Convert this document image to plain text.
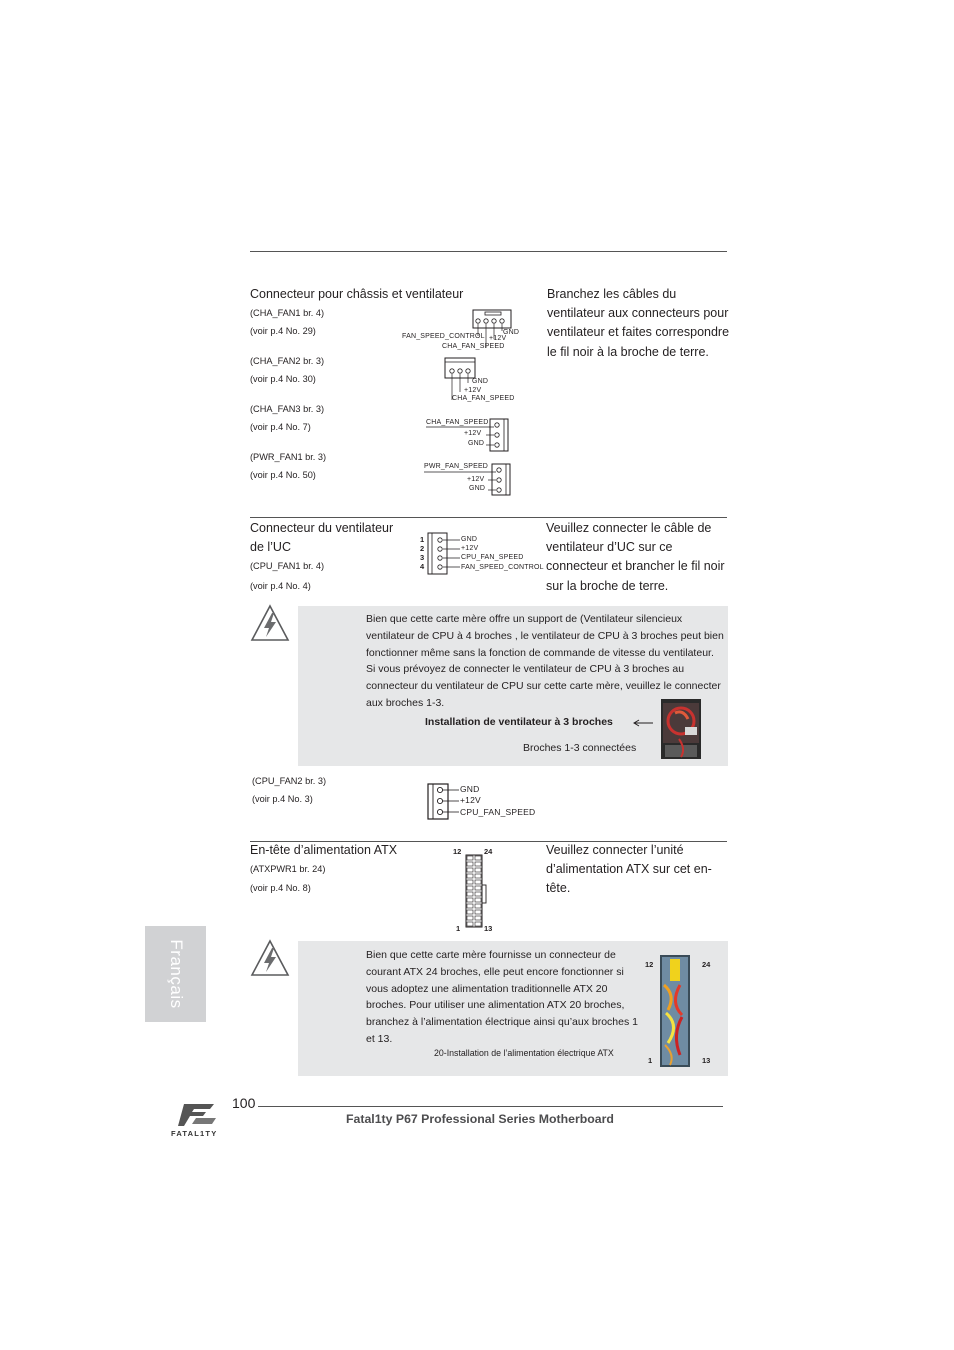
Connecteur pour châssis et ventilateur
(CHA_FAN1 br. 4)
(voir p.4 No. 29)
(CHA_FAN2 br. 3)
(voir p.4 No. 30)
(CHA_FAN3 br. 3)
(voir p.4 No. 7)
(PWR_FAN1 br. 3)
(voir p.4 No. 50)
Branchez les câbles du ventilateur aux connecteurs pour ventilateur et faites correspondre le fil noir à la broche de terre.
FAN_SPEED_CONTROL
GND
+12V
CHA_FAN_SPEED
GND
+12V
CHA_FAN_SPEED
CHA_FAN_SPEED
+12V
GND
PWR_FAN_SPEED
+12V
GND
Connecteur du ventilateur
de l’UC
(CPU_FAN1 br. 4)
(voir p.4 No. 4)
1
2
3
4
GND
+12V
CPU_FAN_SPEED
FAN_SPEED_CONTROL
Veuillez connecter le câble de ventilateur d’UC sur ce connecteur et brancher le fil noir sur la broche de terre.
Bien que cette carte mère offre un support de (Ventilateur silencieux ventilateur de CPU à 4 broches , le ventilateur de CPU à 3 broches peut bien fonctionner même sans la fonction de commande de vitesse du ventilateur. Si vous prévoyez de connecter le ventilateur de CPU à 3 broches au connecteur du ventilateur de CPU sur cette carte mère, veuillez le connecter aux broches 1-3.
Installation de ventilateur à 3 broches
Broches 1-3 connectées
(CPU_FAN2 br. 3)
(voir p.4 No. 3)
GND
+12V
CPU_FAN_SPEED
En-tête d’alimentation ATX
(ATXPWR1 br. 24)
(voir p.4 No. 8)
12	24
1	13
Veuillez connecter l’unité d’alimentation ATX sur cet en-tête.
Bien que cette carte mère fournisse un connecteur de courant ATX 24 broches, elle peut encore fonctionner si vous adoptez une alimentation traditionnelle ATX 20 broches. Pour utiliser une alimentation ATX 20 broches, branchez à l’alimentation électrique ainsi qu’aux broches 1 et 13.
20-Installation de l’alimentation électrique ATX
12	24
1	13
Français
100
Fatal1ty P67 Professional Series Motherboard
FATAL1TY
